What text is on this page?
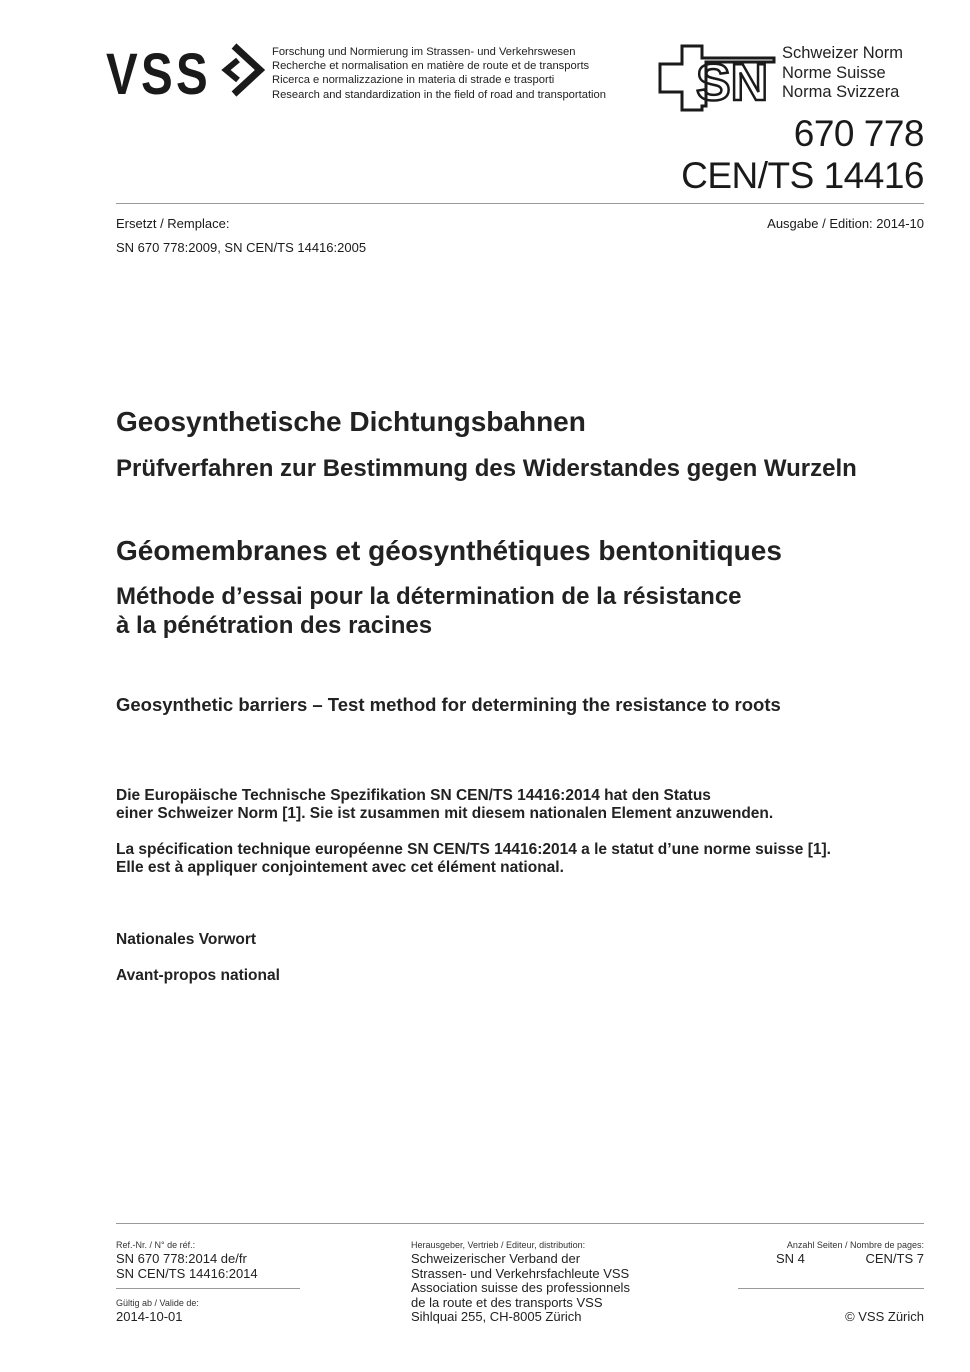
VSS	Forschung und Normierung im Strassen- und Verkehrswesen
Recherche et normalisation en matière de route et de transports
Ricerca e normalizzazione in materia di strade e trasporti
Research and standardization in the field of road and transportation SN
Schweizer Norm
Norme Suisse
Norma Svizzera
670 778
CEN/TS 14416
Ersetzt / Remplace:
SN 670 778:2009, SN CEN/TS 14416:2005
Ausgabe / Edition: 2014-10
Geosynthetische Dichtungsbahnen
Prüfverfahren zur Bestimmung des Widerstandes gegen Wurzeln
Géomembranes et géosynthétiques bentonitiques
Méthode d’essai pour la détermination de la résistance
à la pénétration des racines
Geosynthetic barriers – Test method for determining the resistance to roots
Die Europäische Technische Spezifikation SN CEN/TS 14416:2014 hat den Status
einer Schweizer Norm [1]. Sie ist zusammen mit diesem nationalen Element anzuwenden.
La spécification technique européenne SN CEN/TS 14416:2014 a le statut d’une norme suisse [1].
Elle est à appliquer conjointement avec cet élément national.
Nationales Vorwort
Avant-propos national
Ref.-Nr. / N° de réf.:
SN 670 778:2014 de/fr
SN CEN/TS 14416:2014
Gültig ab / Valide de:
2014-10-01
Herausgeber, Vertrieb / Editeur, distribution:
Schweizerischer Verband der
Strassen- und Verkehrsfachleute VSS
Association suisse des professionnels
de la route et des transports VSS
Sihlquai 255, CH-8005 Zürich
Anzahl Seiten / Nombre de pages:
SN 4	CEN/TS 7
© VSS Zürich
